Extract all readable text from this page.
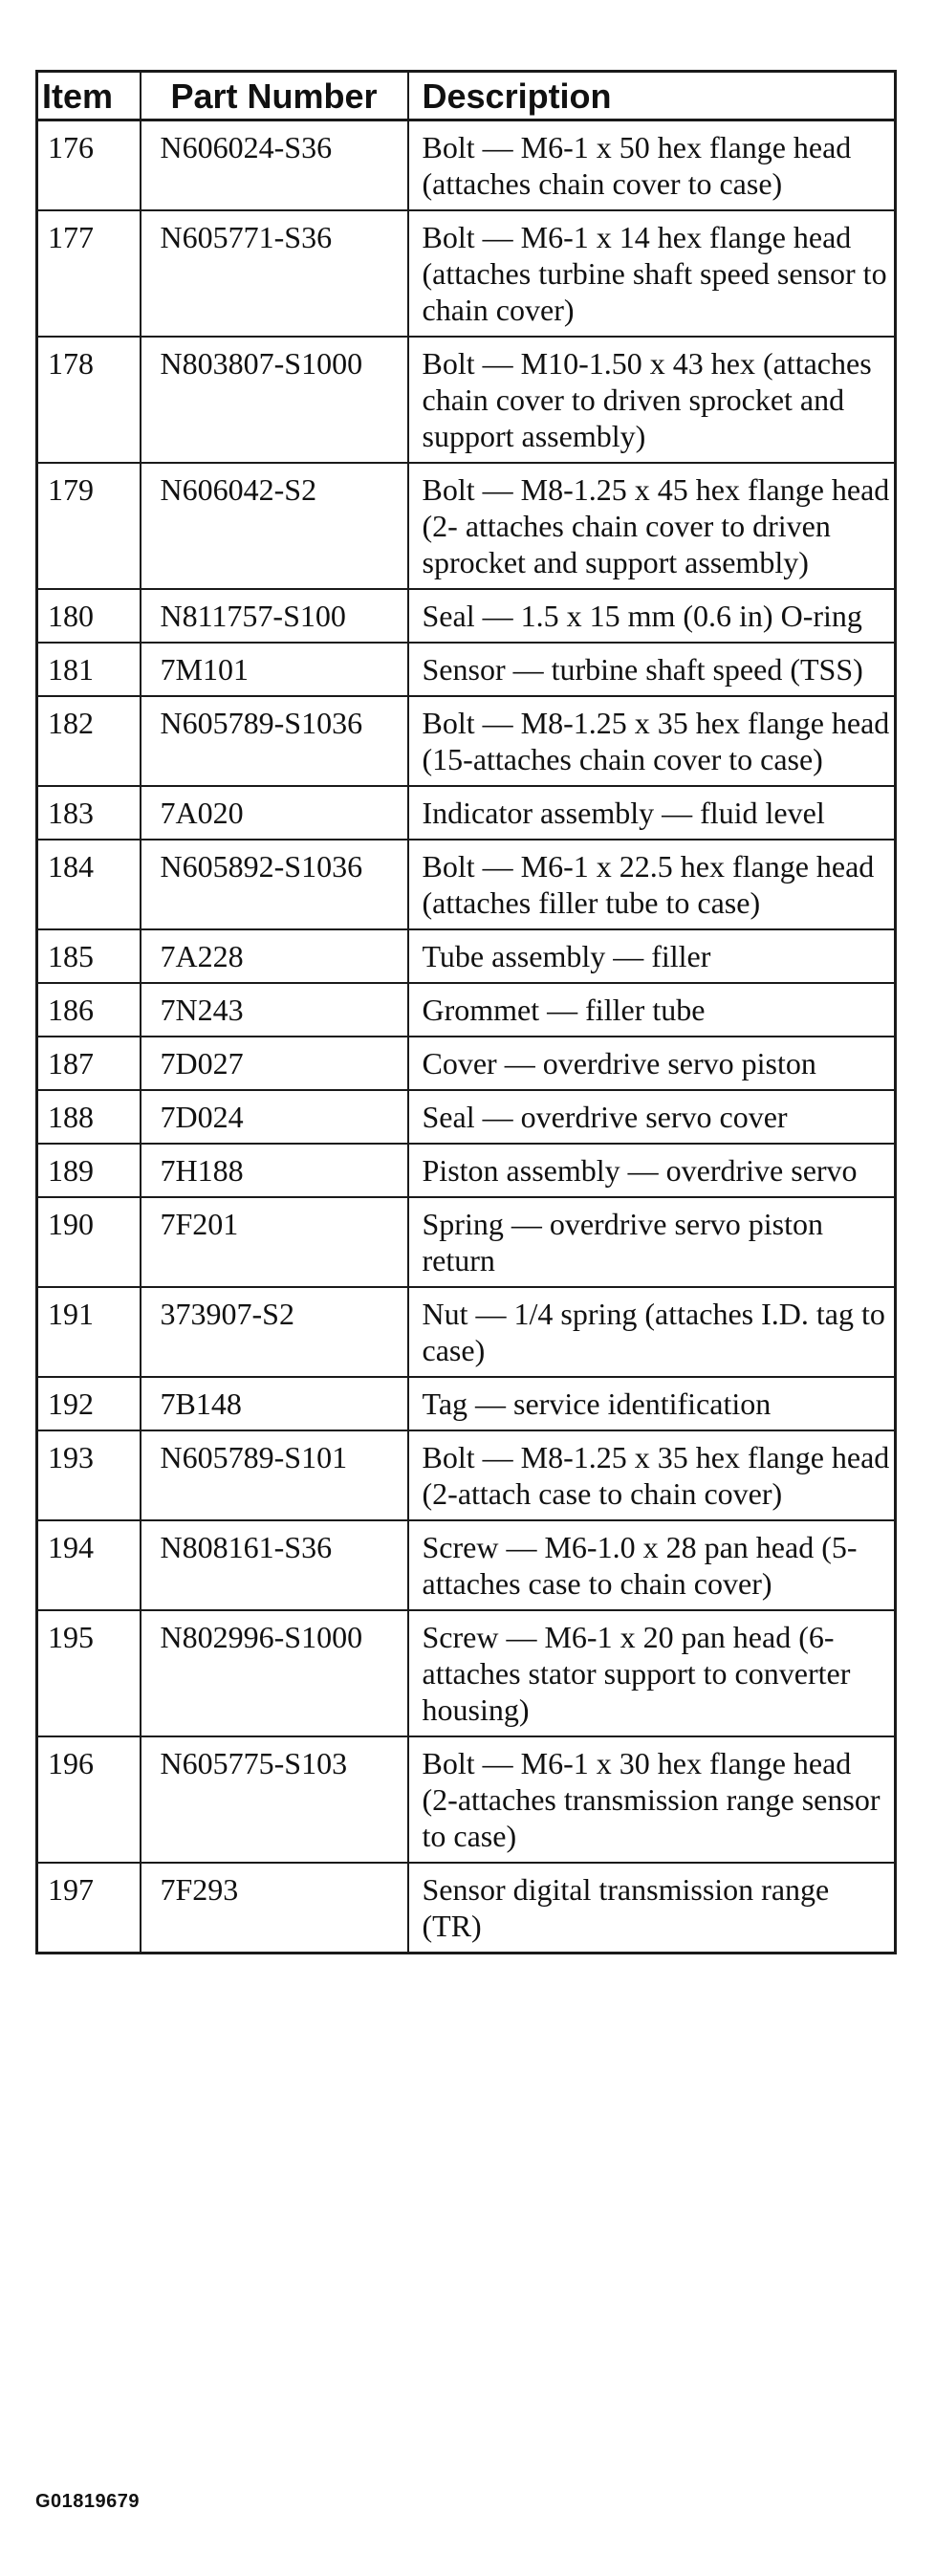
Item	Part Number	Description
176	N606024-S36	Bolt — M6-1 x 50 hex flange head (attaches chain cover to case)
177	N605771-S36	Bolt — M6-1 x 14 hex flange head (attaches turbine shaft speed sensor to chain cover)
178	N803807-S1000	Bolt — M10-1.50 x 43 hex (attaches chain cover to driven sprocket and support assembly)
179	N606042-S2	Bolt — M8-1.25 x 45 hex flange head (2- attaches chain cover to driven sprocket and support assembly)
180	N811757-S100	Seal — 1.5 x 15 mm (0.6 in) O-ring
181	7M101	Sensor — turbine shaft speed (TSS)
182	N605789-S1036	Bolt — M8-1.25 x 35 hex flange head (15-attaches chain cover to case)
183	7A020	Indicator assembly — fluid level
184	N605892-S1036	Bolt — M6-1 x 22.5 hex flange head (attaches filler tube to case)
185	7A228	Tube assembly — filler
186	7N243	Grommet — filler tube
187	7D027	Cover — overdrive servo piston
188	7D024	Seal — overdrive servo cover
189	7H188	Piston assembly — overdrive servo
190	7F201	Spring — overdrive servo piston return
191	373907-S2	Nut — 1/4 spring (attaches I.D. tag to case)
192	7B148	Tag — service identification
193	N605789-S101	Bolt — M8-1.25 x 35 hex flange head (2-attach case to chain cover)
194	N808161-S36	Screw — M6-1.0 x 28 pan head (5-attaches case to chain cover)
195	N802996-S1000	Screw — M6-1 x 20 pan head (6-attaches stator support to converter housing)
196	N605775-S103	Bolt — M6-1 x 30 hex flange head (2-attaches transmission range sensor to case)
197	7F293	Sensor digital transmission range (TR)
G01819679
